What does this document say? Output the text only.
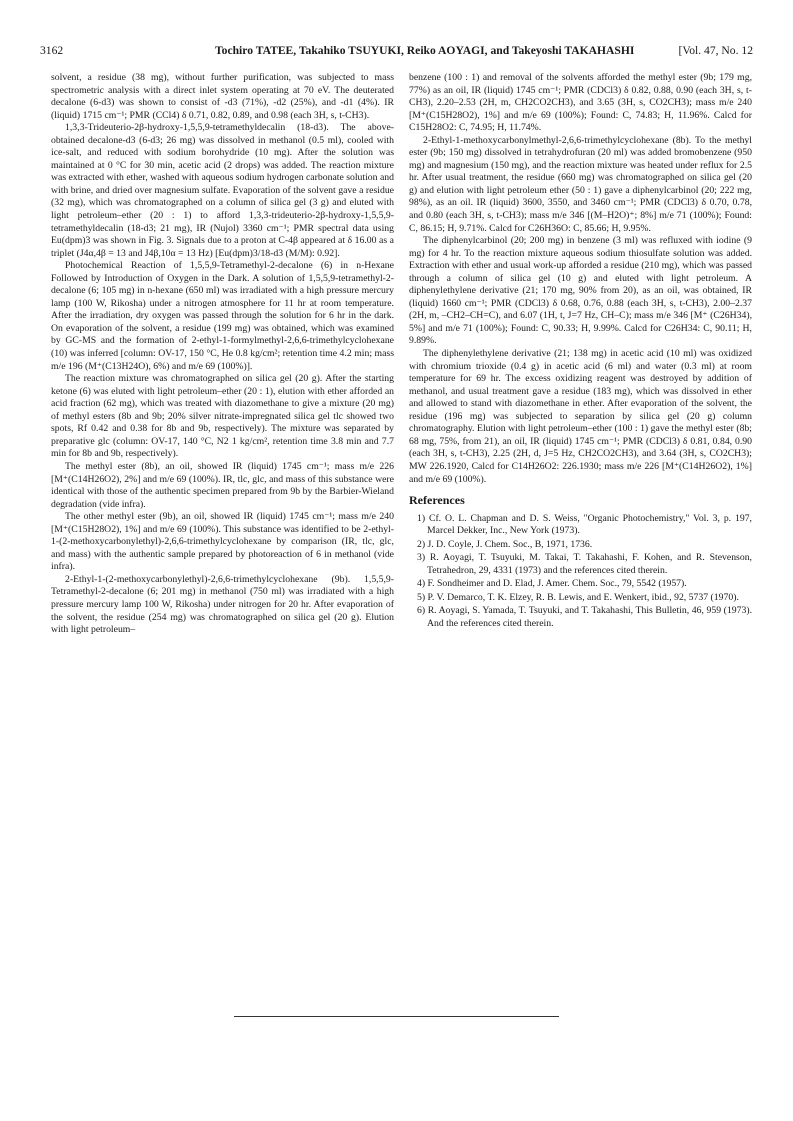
3162	Tochiro TATEE, Takahiko TSUYUKI, Reiko AOYAGI, and Takeyoshi TAKAHASHI	[Vol. 47, No. 12

solvent, a residue (38 mg), without further purification, was subjected to mass spectrometric analysis with a direct inlet system operating at 70 eV. The deuterated decalone (6-d3) was shown to consist of -d3 (71%), -d2 (25%), and -d1 (4%). IR (liquid) 1715 cm⁻¹; PMR (CCl4) δ 0.71, 0.82, 0.89, and 0.98 (each 3H, s, t-CH3).

1,3,3-Trideuterio-2β-hydroxy-1,5,5,9-tetramethyldecalin (18-d3). The above-obtained decalone-d3 (6-d3; 26 mg) was dissolved in methanol (0.5 ml), cooled with ice-salt, and reduced with sodium borohydride (10 mg). After the solution was maintained at 0 °C for 30 min, acetic acid (2 drops) was added. The reaction mixture was extracted with ether, washed with aqueous sodium hydrogen carbonate solution and with brine, and dried over magnesium sulfate. Evaporation of the solvent gave a residue (32 mg), which was chromatographed on a column of silica gel (3 g) and eluted with light petroleum–ether (20 : 1) to afford 1,3,3-trideuterio-2β-hydroxy-1,5,5,9-tetramethyldecalin (18-d3; 21 mg), IR (Nujol) 3360 cm⁻¹; PMR spectral data using Eu(dpm)3 was shown in Fig. 3. Signals due to a proton at C-4β appeared at δ 16.00 as a triplet (J4α,4β = 13 and J4β,10α = 13 Hz) [Eu(dpm)3/18-d3 (M/M): 0.92].

Photochemical Reaction of 1,5,5,9-Tetramethyl-2-decalone (6) in n-Hexane Followed by Introduction of Oxygen in the Dark. A solution of 1,5,5,9-tetramethyl-2-decalone (6; 105 mg) in n-hexane (650 ml) was irradiated with a high pressure mercury lamp (100 W, Rikosha) under a nitrogen atmosphere for 11 hr at room temperature. After the irradiation, dry oxygen was passed through the solution for 6 hr in the dark. On evaporation of the solvent, a residue (199 mg) was obtained, which was examined by GC-MS and the formation of 2-ethyl-1-formylmethyl-2,6,6-trimethylcyclohexane (10) was inferred [column: OV-17, 150 °C, He 0.8 kg/cm²; retention time 4.2 min; mass m/e 196 (M⁺(C13H24O), 6%) and m/e 69 (100%)].

The reaction mixture was chromatographed on silica gel (20 g). After the starting ketone (6) was eluted with light petroleum–ether (20 : 1), elution with ether afforded an acid fraction (62 mg), which was treated with diazomethane to give a mixture (20 mg) of methyl esters (8b and 9b; 20% silver nitrate-impregnated silica gel tlc showed two spots, Rf 0.42 and 0.38 for 8b and 9b, respectively). The mixture was separated by preparative glc (column: OV-17, 140 °C, N2 1 kg/cm², retention time 3.8 min and 7.7 min for 8b and 9b, respectively).

The methyl ester (8b), an oil, showed IR (liquid) 1745 cm⁻¹; mass m/e 226 [M⁺(C14H26O2), 2%] and m/e 69 (100%). IR, tlc, glc, and mass of this substance were identical with those of the authentic specimen prepared from 9b by the Barbier-Wieland degradation (vide infra).

The other methyl ester (9b), an oil, showed IR (liquid) 1745 cm⁻¹; mass m/e 240 [M⁺(C15H28O2), 1%] and m/e 69 (100%). This substance was identified to be 2-ethyl-1-(2-methoxycarbonylethyl)-2,6,6-trimethylcyclohexane by comparison (IR, tlc, glc, and mass) with the authentic sample prepared by photoreaction of 6 in methanol (vide infra).

2-Ethyl-1-(2-methoxycarbonylethyl)-2,6,6-trimethylcyclohexane (9b). 1,5,5,9-Tetramethyl-2-decalone (6; 201 mg) in methanol (750 ml) was irradiated with a high pressure mercury lamp 100 W, Rikosha) under nitrogen for 20 hr. After evaporation of the solvent, the residue (254 mg) was chromatographed on silica gel (20 g). Elution with light petroleum–

benzene (100 : 1) and removal of the solvents afforded the methyl ester (9b; 179 mg, 77%) as an oil, IR (liquid) 1745 cm⁻¹; PMR (CDCl3) δ 0.82, 0.88, 0.90 (each 3H, s, t-CH3), 2.20–2.53 (2H, m, CH2CO2CH3), and 3.65 (3H, s, CO2CH3); mass m/e 240 [M⁺(C15H28O2), 1%] and m/e 69 (100%); Found: C, 74.83; H, 11.96%. Calcd for C15H28O2: C, 74.95; H, 11.74%.

2-Ethyl-1-methoxycarbonylmethyl-2,6,6-trimethylcyclohexane (8b). To the methyl ester (9b; 150 mg) dissolved in tetrahydrofuran (20 ml) was added bromobenzene (950 mg) and magnesium (150 mg), and the reaction mixture was heated under reflux for 2.5 hr. After usual treatment, the residue (660 mg) was chromatographed on silica gel (20 g) and elution with light petroleum ether (50 : 1) gave a diphenylcarbinol (20; 222 mg, 98%), as an oil. IR (liquid) 3600, 3550, and 3460 cm⁻¹; PMR (CDCl3) δ 0.70, 0.78, and 0.80 (each 3H, s, t-CH3); mass m/e 346 [(M–H2O)⁺; 8%] m/e 71 (100%); Found: C, 86.15; H, 9.71%. Calcd for C26H36O: C, 85.66; H, 9.95%.

The diphenylcarbinol (20; 200 mg) in benzene (3 ml) was refluxed with iodine (9 mg) for 4 hr. To the reaction mixture aqueous sodium thiosulfate solution was added. Extraction with ether and usual work-up afforded a residue (210 mg), which was passed through a column of silica gel (10 g) and eluted with light petroleum. A diphenylethylene derivative (21; 170 mg, 90% from 20), as an oil, was obtained, IR (liquid) 1660 cm⁻¹; PMR (CDCl3) δ 0.68, 0.76, 0.88 (each 3H, s, t-CH3), 2.00–2.37 (2H, m, –CH2–CH=C), and 6.07 (1H, t, J=7 Hz, CH–C); mass m/e 346 [M⁺ (C26H34), 5%] and m/e 71 (100%); Found: C, 90.33; H, 9.99%. Calcd for C26H34: C, 90.11; H, 9.89%.

The diphenylethylene derivative (21; 138 mg) in acetic acid (10 ml) was oxidized with chromium trioxide (0.4 g) in acetic acid (6 ml) and water (0.3 ml) at room temperature for 69 hr. The excess oxidizing reagent was destroyed by addition of methanol, and usual treatment gave a residue (183 mg), which was dissolved in ether and allowed to stand with diazomethane in ether. After evaporation of the solvent, the residue (196 mg) was subjected to separation by silica gel (20 g) column chromatography. Elution with light petroleum–ether (100 : 1) gave the methyl ester (8b; 68 mg, 75%, from 21), an oil, IR (liquid) 1745 cm⁻¹; PMR (CDCl3) δ 0.81, 0.84, 0.90 (each 3H, s, t-CH3), 2.25 (2H, d, J=5 Hz, CH2CO2CH3), and 3.64 (3H, s, CO2CH3); MW 226.1920, Calcd for C14H26O2: 226.1930; mass m/e 226 [M⁺(C14H26O2), 1%] and m/e 69 (100%).

References

1) Cf. O. L. Chapman and D. S. Weiss, "Organic Photochemistry," Vol. 3, p. 197, Marcel Dekker, Inc., New York (1973).

2) J. D. Coyle, J. Chem. Soc., B, 1971, 1736.

3) R. Aoyagi, T. Tsuyuki, M. Takai, T. Takahashi, F. Kohen, and R. Stevenson, Tetrahedron, 29, 4331 (1973) and the references cited therein.

4) F. Sondheimer and D. Elad, J. Amer. Chem. Soc., 79, 5542 (1957).

5) P. V. Demarco, T. K. Elzey, R. B. Lewis, and E. Wenkert, ibid., 92, 5737 (1970).

6) R. Aoyagi, S. Yamada, T. Tsuyuki, and T. Takahashi, This Bulletin, 46, 959 (1973). And the references cited therein.
